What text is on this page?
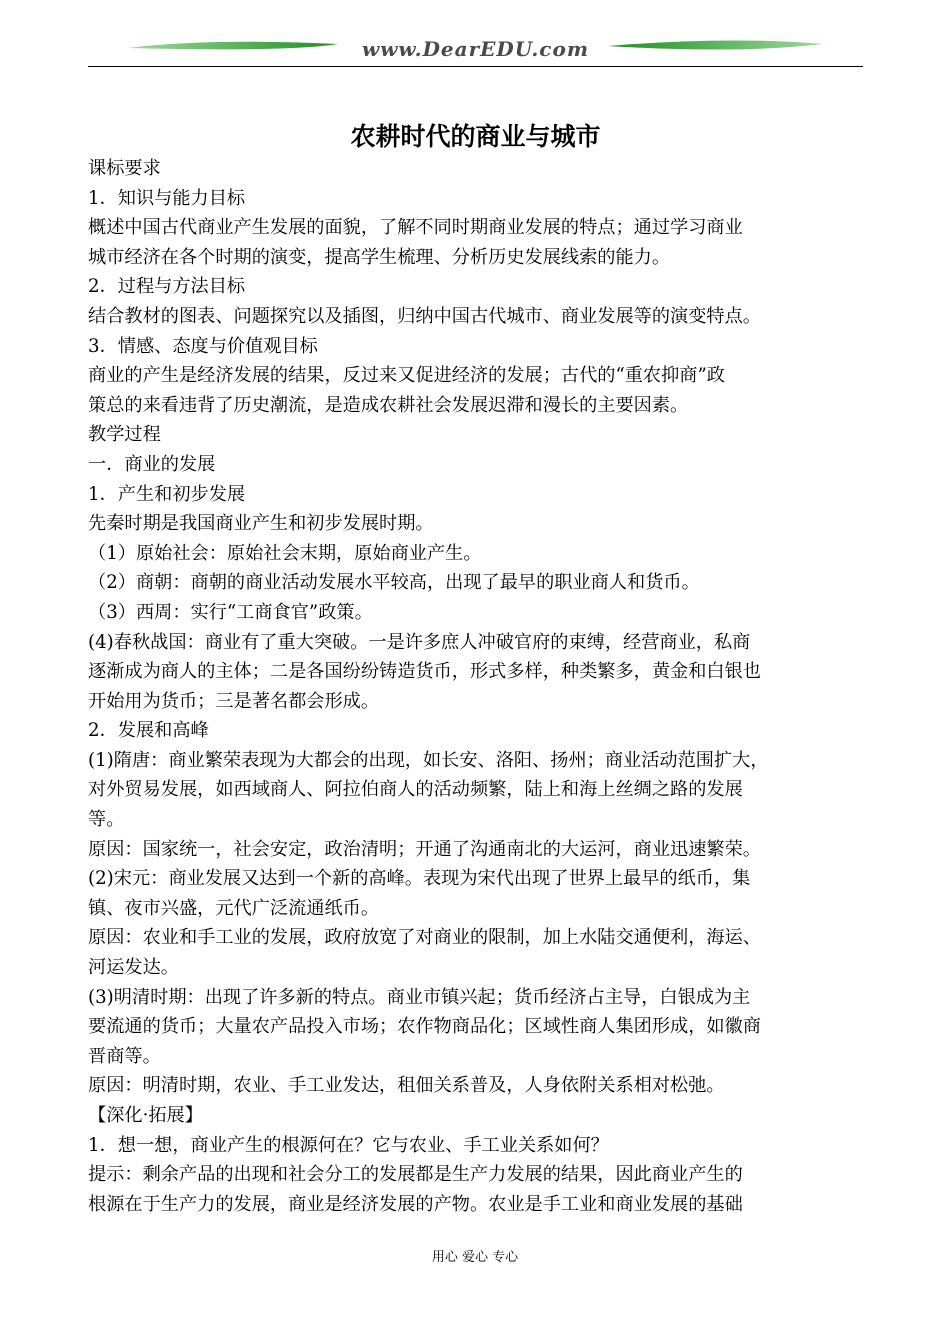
www.DearEDU.com
农耕时代的商业与城市
课标要求
1．知识与能力目标
概述中国古代商业产生发展的面貌，了解不同时期商业发展的特点；通过学习商业
城市经济在各个时期的演变，提高学生梳理、分析历史发展线索的能力。
2．过程与方法目标
结合教材的图表、问题探究以及插图，归纳中国古代城市、商业发展等的演变特点。
3．情感、态度与价值观目标
商业的产生是经济发展的结果，反过来又促进经济的发展；古代的“重农抑商”政
策总的来看违背了历史潮流，是造成农耕社会发展迟滞和漫长的主要因素。
教学过程
一．商业的发展
1．产生和初步发展
先秦时期是我国商业产生和初步发展时期。
（1）原始社会：原始社会末期，原始商业产生。
（2）商朝：商朝的商业活动发展水平较高，出现了最早的职业商人和货币。
（3）西周：实行“工商食官”政策。
(4)春秋战国：商业有了重大突破。一是许多庶人冲破官府的束缚，经营商业，私商
逐渐成为商人的主体；二是各国纷纷铸造货币，形式多样，种类繁多，黄金和白银也
开始用为货币；三是著名都会形成。
2．发展和高峰
(1)隋唐：商业繁荣表现为大都会的出现，如长安、洛阳、扬州；商业活动范围扩大，
对外贸易发展，如西域商人、阿拉伯商人的活动频繁，陆上和海上丝绸之路的发展
等。
原因：国家统一，社会安定，政治清明；开通了沟通南北的大运河，商业迅速繁荣。
(2)宋元：商业发展又达到一个新的高峰。表现为宋代出现了世界上最早的纸币，集
镇、夜市兴盛，元代广泛流通纸币。
原因：农业和手工业的发展，政府放宽了对商业的限制，加上水陆交通便利，海运、
河运发达。
(3)明清时期：出现了许多新的特点。商业市镇兴起；货币经济占主导，白银成为主
要流通的货币；大量农产品投入市场；农作物商品化；区域性商人集团形成，如徽商
晋商等。
原因：明清时期，农业、手工业发达，租佃关系普及，人身依附关系相对松弛。
【深化·拓展】
1．想一想，商业产生的根源何在？它与农业、手工业关系如何？
提示：剩余产品的出现和社会分工的发展都是生产力发展的结果，因此商业产生的
根源在于生产力的发展，商业是经济发展的产物。农业是手工业和商业发展的基础
用心 爱心 专心
